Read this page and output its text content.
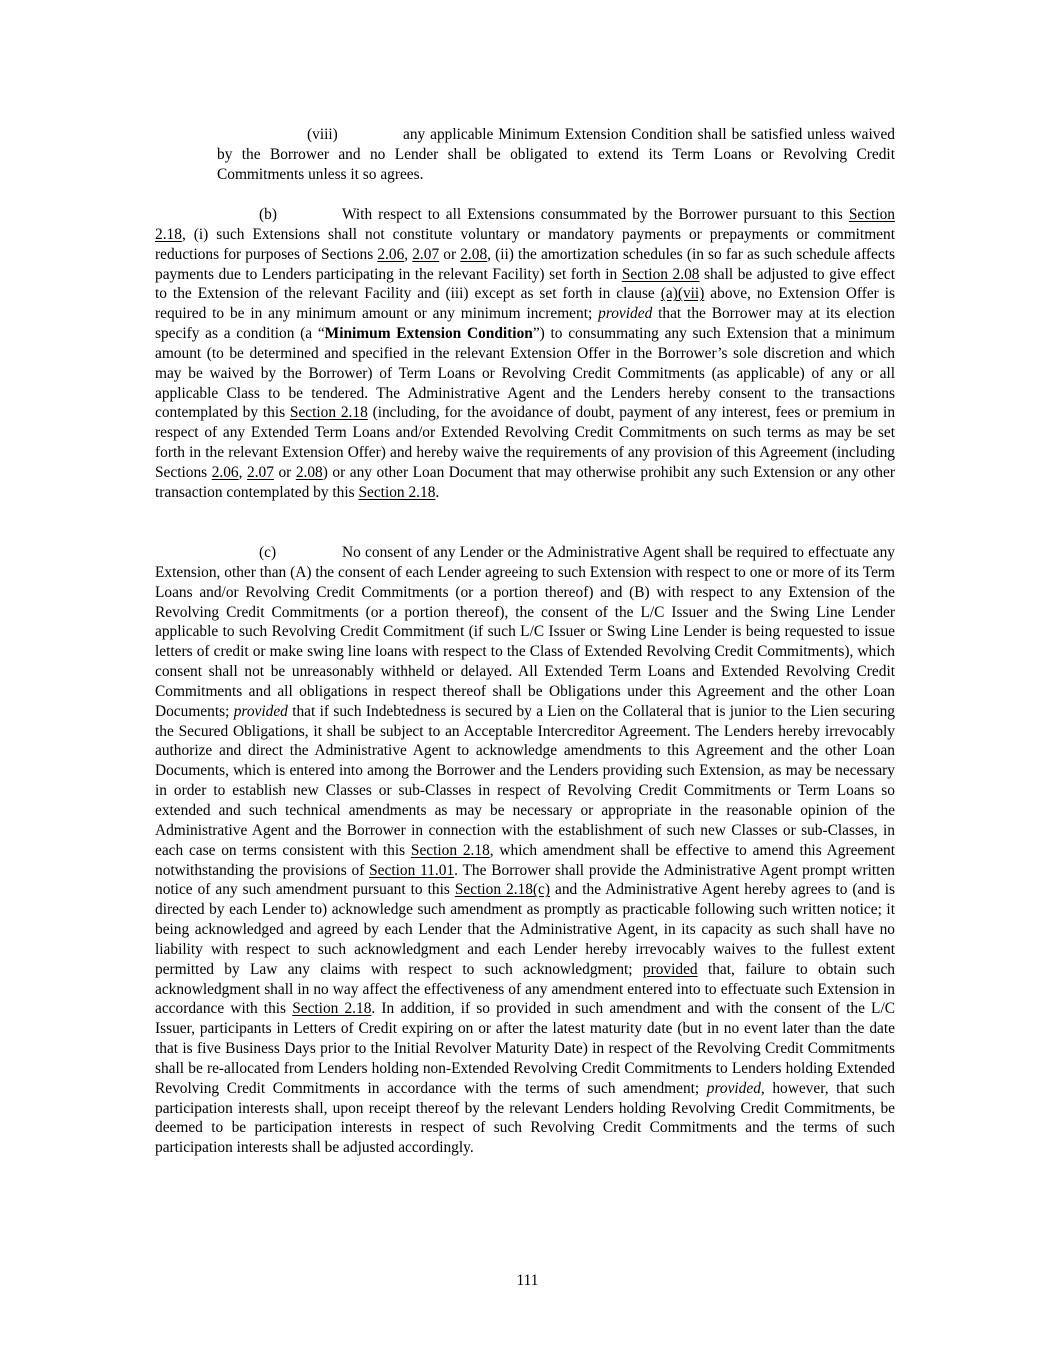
(viii)	any applicable Minimum Extension Condition shall be satisfied unless waived by the Borrower and no Lender shall be obligated to extend its Term Loans or Revolving Credit Commitments unless it so agrees.

(b)	With respect to all Extensions consummated by the Borrower pursuant to this Section 2.18, (i) such Extensions shall not constitute voluntary or mandatory payments or prepayments or commitment reductions for purposes of Sections 2.06, 2.07 or 2.08, (ii) the amortization schedules (in so far as such schedule affects payments due to Lenders participating in the relevant Facility) set forth in Section 2.08 shall be adjusted to give effect to the Extension of the relevant Facility and (iii) except as set forth in clause (a)(vii) above, no Extension Offer is required to be in any minimum amount or any minimum increment; provided that the Borrower may at its election specify as a condition (a “Minimum Extension Condition”) to consummating any such Extension that a minimum amount (to be determined and specified in the relevant Extension Offer in the Borrower’s sole discretion and which may be waived by the Borrower) of Term Loans or Revolving Credit Commitments (as applicable) of any or all applicable Class to be tendered. The Administrative Agent and the Lenders hereby consent to the transactions contemplated by this Section 2.18 (including, for the avoidance of doubt, payment of any interest, fees or premium in respect of any Extended Term Loans and/or Extended Revolving Credit Commitments on such terms as may be set forth in the relevant Extension Offer) and hereby waive the requirements of any provision of this Agreement (including Sections 2.06, 2.07 or 2.08) or any other Loan Document that may otherwise prohibit any such Extension or any other transaction contemplated by this Section 2.18.

(c)	No consent of any Lender or the Administrative Agent shall be required to effectuate any Extension, other than (A) the consent of each Lender agreeing to such Extension with respect to one or more of its Term Loans and/or Revolving Credit Commitments (or a portion thereof) and (B) with respect to any Extension of the Revolving Credit Commitments (or a portion thereof), the consent of the L/C Issuer and the Swing Line Lender applicable to such Revolving Credit Commitment (if such L/C Issuer or Swing Line Lender is being requested to issue letters of credit or make swing line loans with respect to the Class of Extended Revolving Credit Commitments), which consent shall not be unreasonably withheld or delayed. All Extended Term Loans and Extended Revolving Credit Commitments and all obligations in respect thereof shall be Obligations under this Agreement and the other Loan Documents; provided that if such Indebtedness is secured by a Lien on the Collateral that is junior to the Lien securing the Secured Obligations, it shall be subject to an Acceptable Intercreditor Agreement. The Lenders hereby irrevocably authorize and direct the Administrative Agent to acknowledge amendments to this Agreement and the other Loan Documents, which is entered into among the Borrower and the Lenders providing such Extension, as may be necessary in order to establish new Classes or sub-Classes in respect of Revolving Credit Commitments or Term Loans so extended and such technical amendments as may be necessary or appropriate in the reasonable opinion of the Administrative Agent and the Borrower in connection with the establishment of such new Classes or sub-Classes, in each case on terms consistent with this Section 2.18, which amendment shall be effective to amend this Agreement notwithstanding the provisions of Section 11.01. The Borrower shall provide the Administrative Agent prompt written notice of any such amendment pursuant to this Section 2.18(c) and the Administrative Agent hereby agrees to (and is directed by each Lender to) acknowledge such amendment as promptly as practicable following such written notice; it being acknowledged and agreed by each Lender that the Administrative Agent, in its capacity as such shall have no liability with respect to such acknowledgment and each Lender hereby irrevocably waives to the fullest extent permitted by Law any claims with respect to such acknowledgment; provided that, failure to obtain such acknowledgment shall in no way affect the effectiveness of any amendment entered into to effectuate such Extension in accordance with this Section 2.18. In addition, if so provided in such amendment and with the consent of the L/C Issuer, participants in Letters of Credit expiring on or after the latest maturity date (but in no event later than the date that is five Business Days prior to the Initial Revolver Maturity Date) in respect of the Revolving Credit Commitments shall be re-allocated from Lenders holding non-Extended Revolving Credit Commitments to Lenders holding Extended Revolving Credit Commitments in accordance with the terms of such amendment; provided, however, that such participation interests shall, upon receipt thereof by the relevant Lenders holding Revolving Credit Commitments, be deemed to be participation interests in respect of such Revolving Credit Commitments and the terms of such participation interests shall be adjusted accordingly.

111
